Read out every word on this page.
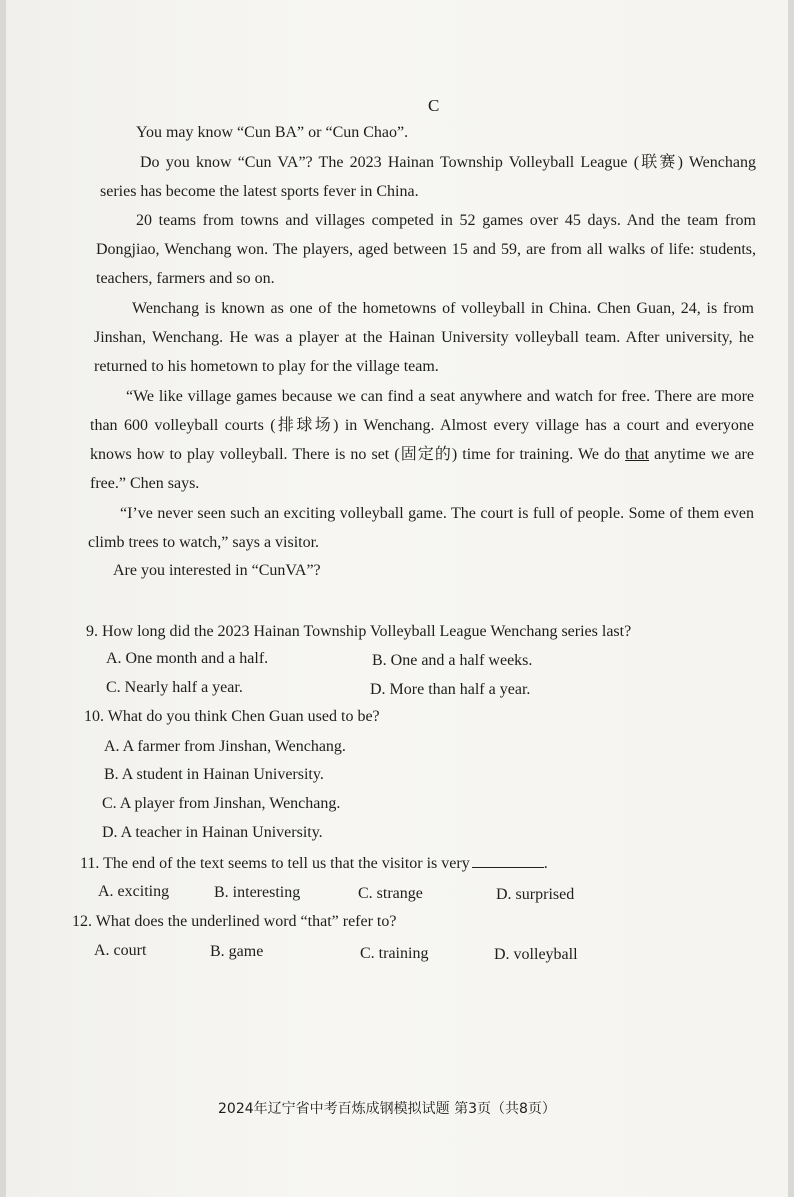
C
You may know “Cun BA” or “Cun Chao”.
Do you know “Cun VA”? The 2023 Hainan Township Volleyball League (联赛) Wenchang series has become the latest sports fever in China.
20 teams from towns and villages competed in 52 games over 45 days. And the team from Dongjiao, Wenchang won. The players, aged between 15 and 59, are from all walks of life: students, teachers, farmers and so on.
Wenchang is known as one of the hometowns of volleyball in China. Chen Guan, 24, is from Jinshan, Wenchang. He was a player at the Hainan University volleyball team. After university, he returned to his hometown to play for the village team.
“We like village games because we can find a seat anywhere and watch for free. There are more than 600 volleyball courts (排球场) in Wenchang. Almost every village has a court and everyone knows how to play volleyball. There is no set (固定的) time for training. We do that anytime we are free.” Chen says.
“I’ve never seen such an exciting volleyball game. The court is full of people. Some of them even climb trees to watch,” says a visitor.
Are you interested in “CunVA”?
9. How long did the 2023 Hainan Township Volleyball League Wenchang series last?
A. One month and a half.	B. One and a half weeks.
C. Nearly half a year.	D. More than half a year.
10. What do you think Chen Guan used to be?
A. A farmer from Jinshan, Wenchang.
B. A student in Hainan University.
C. A player from Jinshan, Wenchang.
D. A teacher in Hainan University.
11. The end of the text seems to tell us that the visitor is very	.
A. exciting	B. interesting	C. strange	D. surprised
12. What does the underlined word “that” refer to?
A. court	B. game	C. training	D. volleyball
2024年辽宁省中考百炼成钢模拟试题 第3页（共8页）
